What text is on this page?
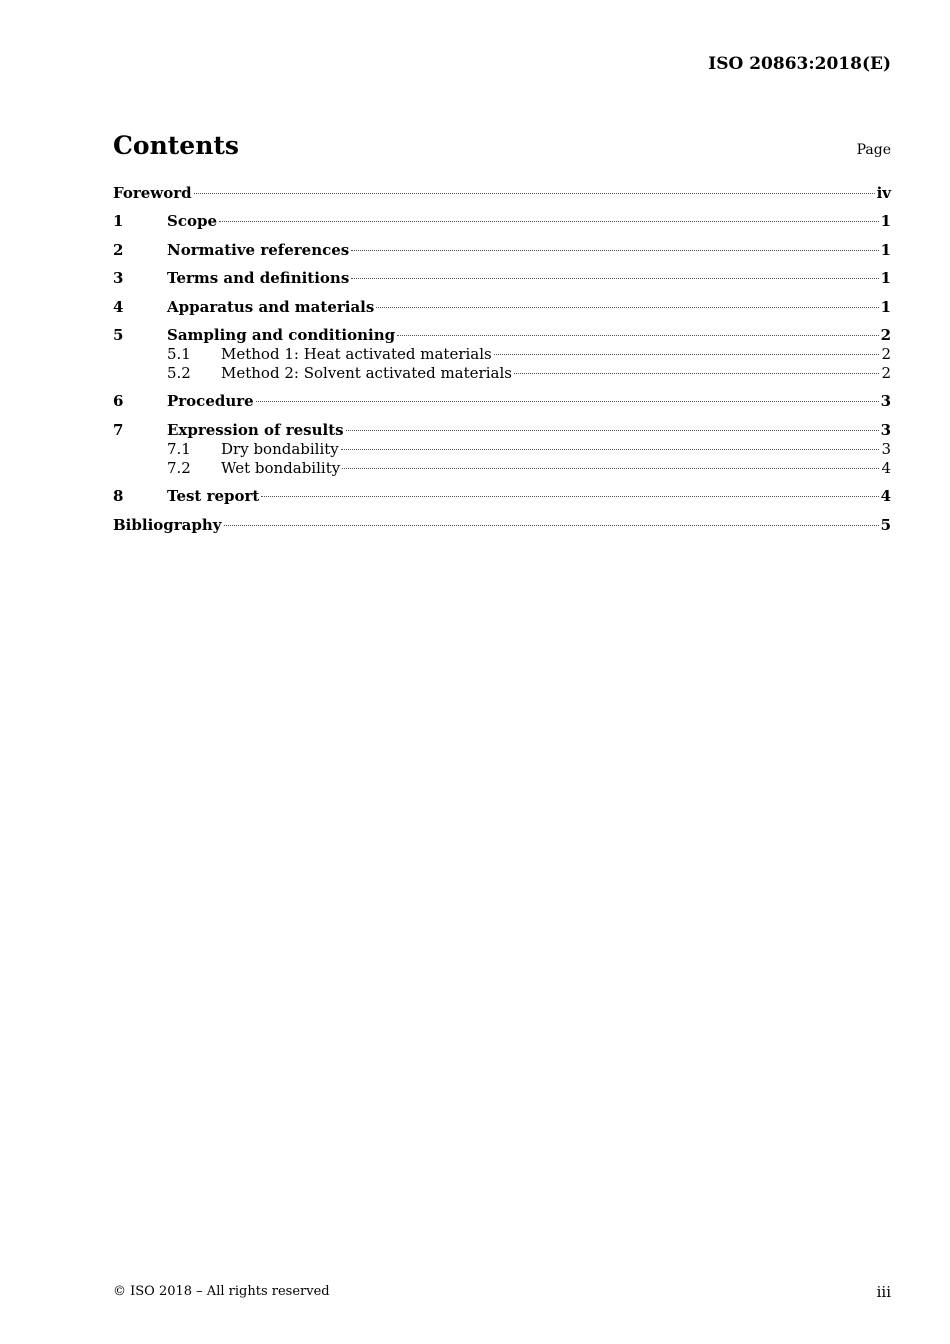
ISO 20863:2018(E)
Contents	Page
Foreword	iv
1	Scope	1
2	Normative references	1
3	Terms and definitions	1
4	Apparatus and materials	1
5	Sampling and conditioning	2
5.1	Method 1: Heat activated materials	2
5.2	Method 2: Solvent activated materials	2
6	Procedure	3
7	Expression of results	3
7.1	Dry bondability	3
7.2	Wet bondability	4
8	Test report	4
Bibliography	5
© ISO 2018 – All rights reserved	iii
